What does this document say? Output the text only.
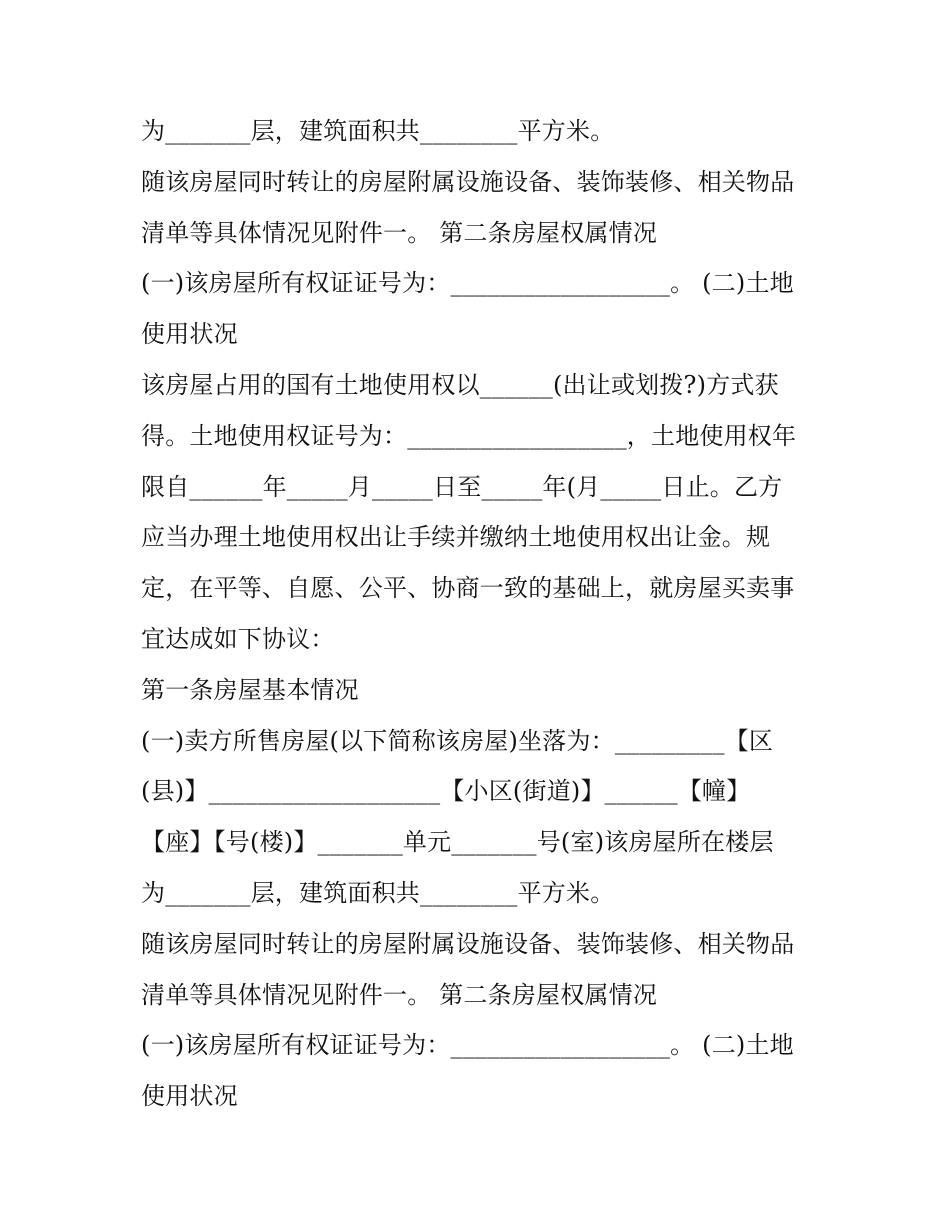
为_______层，建筑面积共________平方米。
随该房屋同时转让的房屋附属设施设备、装饰装修、相关物品
清单等具体情况见附件一。 第二条房屋权属情况
(一)该房屋所有权证证号为：__________________。 (二)土地
使用状况
该房屋占用的国有土地使用权以______(出让或划拨?)方式获
得。土地使用权证号为：__________________，土地使用权年
限自______年_____月_____日至_____年(月_____日止。乙方
应当办理土地使用权出让手续并缴纳土地使用权出让金。规
定，在平等、自愿、公平、协商一致的基础上，就房屋买卖事
宜达成如下协议：
第一条房屋基本情况
(一)卖方所售房屋(以下简称该房屋)坐落为：_________【区
(县)】___________________【小区(街道)】______【幢】
【座】【号(楼)】_______单元_______号(室)该房屋所在楼层
为_______层，建筑面积共________平方米。
随该房屋同时转让的房屋附属设施设备、装饰装修、相关物品
清单等具体情况见附件一。 第二条房屋权属情况
(一)该房屋所有权证证号为：__________________。 (二)土地
使用状况
